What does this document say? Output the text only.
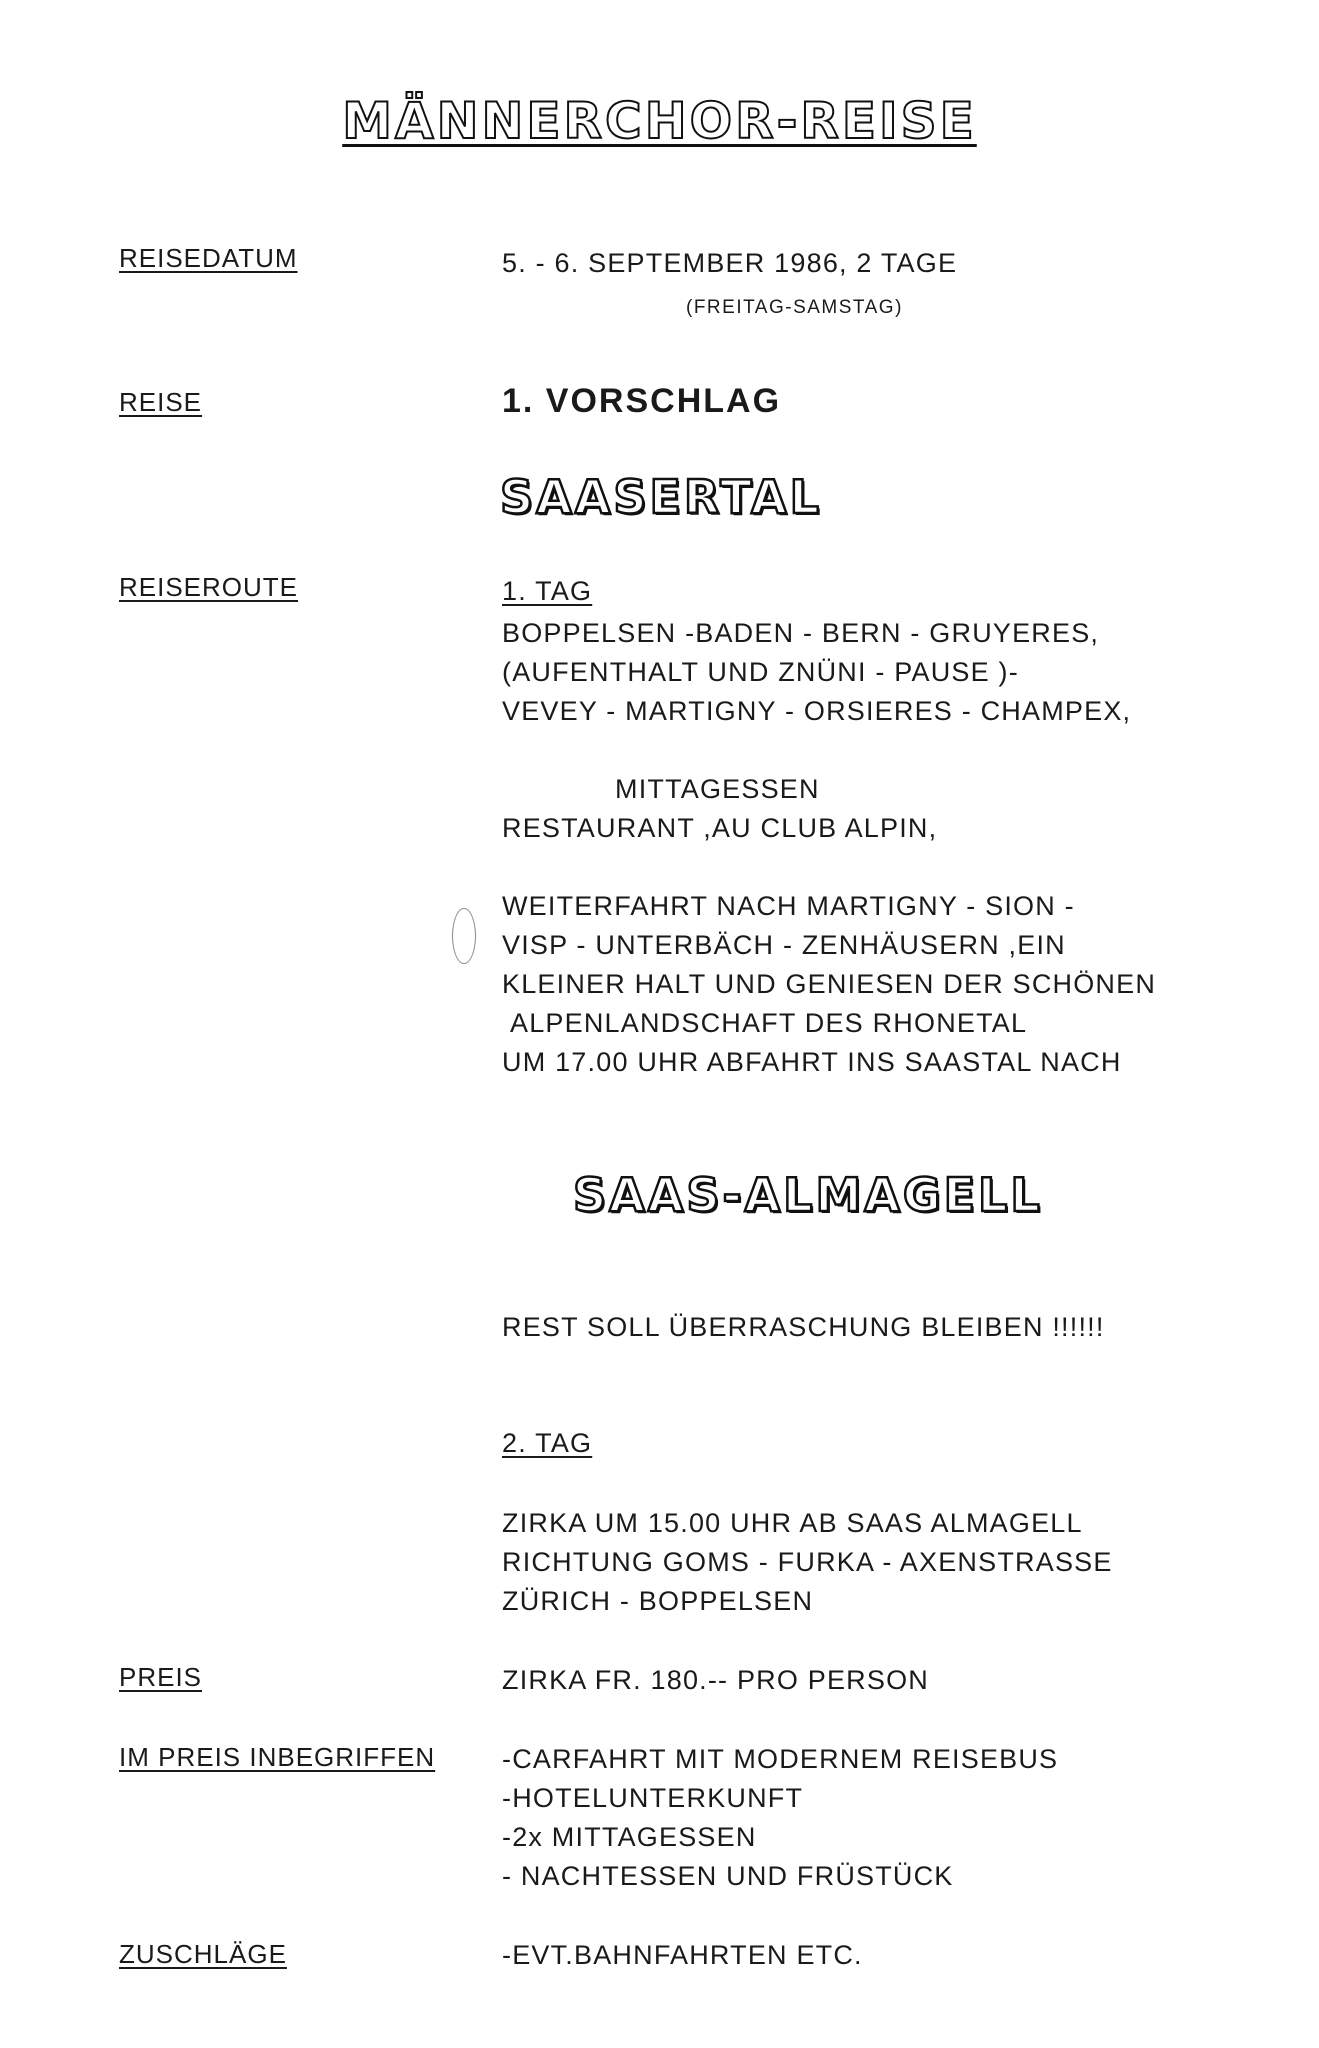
MÄNNERCHOR-REISE
REISEDATUM	5. - 6. SEPTEMBER 1986, 2 TAGE
(FREITAG-SAMSTAG)
REISE	1. VORSCHLAG
SAASERTAL
REISEROUTE	1. TAG
BOPPELSEN -BADEN - BERN - GRUYERES,
(AUFENTHALT UND ZNÜNI - PAUSE )-
VEVEY - MARTIGNY - ORSIERES - CHAMPEX,
MITTAGESSEN
RESTAURANT ,AU CLUB ALPIN,
WEITERFAHRT NACH MARTIGNY - SION -
VISP - UNTERBÄCH - ZENHÄUSERN ,EIN
KLEINER HALT UND GENIESEN DER SCHÖNEN
ALPENLANDSCHAFT DES RHONETAL
UM 17.00 UHR ABFAHRT INS SAASTAL NACH
SAAS-ALMAGELL
REST SOLL ÜBERRASCHUNG BLEIBEN !!!!!!
2. TAG
ZIRKA UM 15.00 UHR AB SAAS ALMAGELL
RICHTUNG GOMS - FURKA - AXENSTRASSE
ZÜRICH - BOPPELSEN
PREIS	ZIRKA FR. 180.-- PRO PERSON
IM PREIS INBEGRIFFEN -CARFAHRT MIT MODERNEM REISEBUS
-HOTELUNTERKUNFT
-2x MITTAGESSEN
- NACHTESSEN UND FRÜSTÜCK
ZUSCHLÄGE	-EVT.BAHNFAHRTEN ETC.
